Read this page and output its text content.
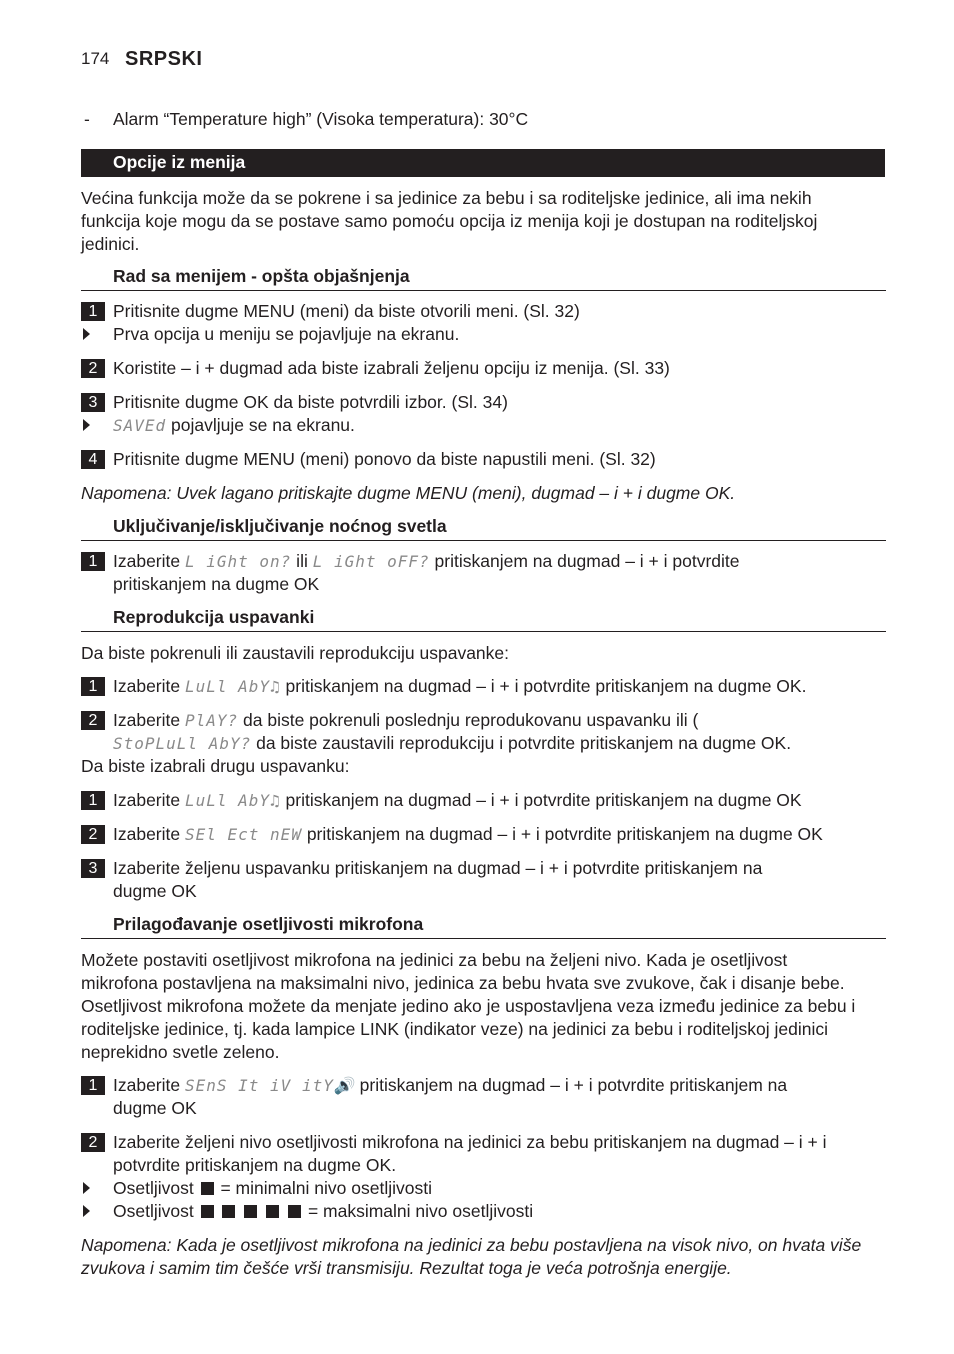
174 SRPSKI
- Alarm “Temperature high” (Visoka temperatura): 30°C
Opcije iz menija
Većina funkcija može da se pokrene i sa jedinice za bebu i sa roditeljske jedinice, ali ima nekih
funkcija koje mogu da se postave samo pomoću opcija iz menija koji je dostupan na roditeljskoj
jedinici.
Rad sa menijem - opšta objašnjenja
1 Pritisnite dugme MENU (meni) da biste otvorili meni. (Sl. 32)
Prva opcija u meniju se pojavljuje na ekranu.
2 Koristite – i + dugmad ada biste izabrali željenu opciju iz menija. (Sl. 33)
3 Pritisnite dugme OK da biste potvrdili izbor. (Sl. 34)
SAVEd pojavljuje se na ekranu.
4 Pritisnite dugme MENU (meni) ponovo da biste napustili meni. (Sl. 32)
Napomena: Uvek lagano pritiskajte dugme MENU (meni), dugmad – i + i dugme OK.
Uključivanje/isključivanje noćnog svetla
1 Izaberite L iGht on? ili L iGht oFF? pritiskanjem na dugmad – i + i potvrdite
pritiskanjem na dugme OK
Reprodukcija uspavanki
Da biste pokrenuli ili zaustavili reprodukciju uspavanke:
1 Izaberite LuLl AbY♫ pritiskanjem na dugmad – i + i potvrdite pritiskanjem na dugme OK.
2 Izaberite PlAY? da biste pokrenuli poslednju reprodukovanu uspavanku ili (
StoPLuLl AbY? da biste zaustavili reprodukciju i potvrdite pritiskanjem na dugme OK.
Da biste izabrali drugu uspavanku:
1 Izaberite LuLl AbY♫ pritiskanjem na dugmad – i + i potvrdite pritiskanjem na dugme OK
2 Izaberite SEl Ect nEW pritiskanjem na dugmad – i + i potvrdite pritiskanjem na dugme OK
3 Izaberite željenu uspavanku pritiskanjem na dugmad – i + i potvrdite pritiskanjem na
dugme OK
Prilagođavanje osetljivosti mikrofona
Možete postaviti osetljivost mikrofona na jedinici za bebu na željeni nivo. Kada je osetljivost
mikrofona postavljena na maksimalni nivo, jedinica za bebu hvata sve zvukove, čak i disanje bebe.
Osetljivost mikrofona možete da menjate jedino ako je uspostavljena veza između jedinice za bebu i
roditeljske jedinice, tj. kada lampice LINK (indikator veze) na jedinici za bebu i roditeljskoj jedinici
neprekidno svetle zeleno.
1 Izaberite SEnS It iV itY🔊 pritiskanjem na dugmad – i + i potvrdite pritiskanjem na
dugme OK
2 Izaberite željeni nivo osetljivosti mikrofona na jedinici za bebu pritiskanjem na dugmad – i + i
potvrdite pritiskanjem na dugme OK.
Osetljivost  = minimalni nivo osetljivosti
Osetljivost	= maksimalni nivo osetljivosti
Napomena: Kada je osetljivost mikrofona na jedinici za bebu postavljena na visok nivo, on hvata više
zvukova i samim tim češće vrši transmisiju. Rezultat toga je veća potrošnja energije.
